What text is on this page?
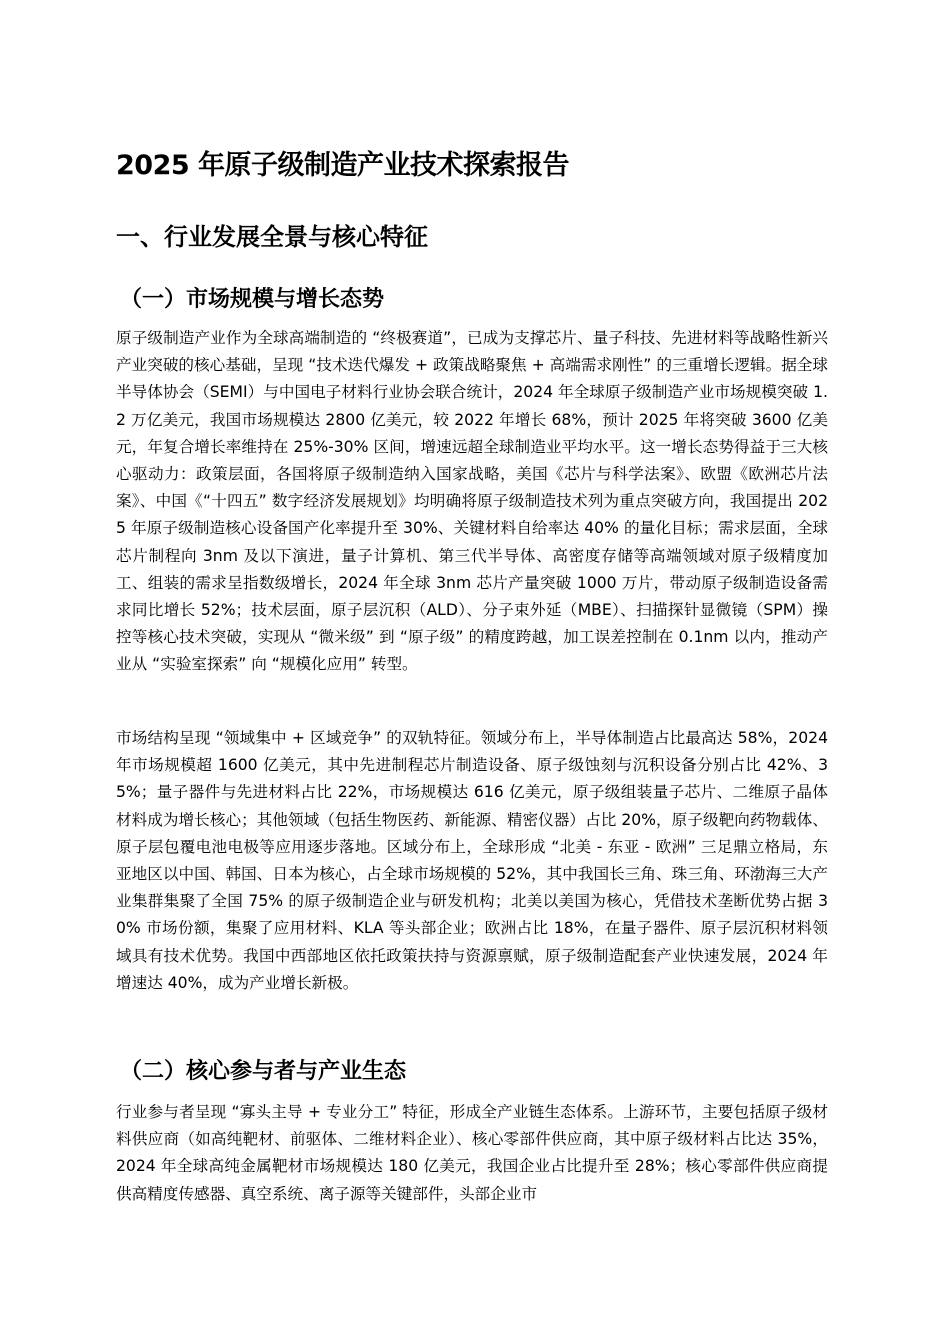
2025 年原子级制造产业技术探索报告
一、行业发展全景与核心特征
（一）市场规模与增长态势

原子级制造产业作为全球高端制造的 “终极赛道”，已成为支撑芯片、量子科技、先进材料等战略性新兴产业突破的核心基础，呈现 “技术迭代爆发 + 政策战略聚焦 + 高端需求刚性” 的三重增长逻辑。据全球半导体协会（SEMI）与中国电子材料行业协会联合统计，2024 年全球原子级制造产业市场规模突破 1.2 万亿美元，我国市场规模达 2800 亿美元，较 2022 年增长 68%，预计 2025 年将突破 3600 亿美元，年复合增长率维持在 25%-30% 区间，增速远超全球制造业平均水平。这一增长态势得益于三大核心驱动力：政策层面，各国将原子级制造纳入国家战略，美国《芯片与科学法案》、欧盟《欧洲芯片法案》、中国《“十四五” 数字经济发展规划》均明确将原子级制造技术列为重点突破方向，我国提出 2025 年原子级制造核心设备国产化率提升至 30%、关键材料自给率达 40% 的量化目标；需求层面，全球芯片制程向 3nm 及以下演进，量子计算机、第三代半导体、高密度存储等高端领域对原子级精度加工、组装的需求呈指数级增长，2024 年全球 3nm 芯片产量突破 1000 万片，带动原子级制造设备需求同比增长 52%；技术层面，原子层沉积（ALD）、分子束外延（MBE）、扫描探针显微镜（SPM）操控等核心技术突破，实现从 “微米级” 到 “原子级” 的精度跨越，加工误差控制在 0.1nm 以内，推动产业从 “实验室探索” 向 “规模化应用” 转型。

市场结构呈现 “领域集中 + 区域竞争” 的双轨特征。领域分布上，半导体制造占比最高达 58%，2024 年市场规模超 1600 亿美元，其中先进制程芯片制造设备、原子级蚀刻与沉积设备分别占比 42%、35%；量子器件与先进材料占比 22%，市场规模达 616 亿美元，原子级组装量子芯片、二维原子晶体材料成为增长核心；其他领域（包括生物医药、新能源、精密仪器）占比 20%，原子级靶向药物载体、原子层包覆电池电极等应用逐步落地。区域分布上，全球形成 “北美 - 东亚 - 欧洲” 三足鼎立格局，东亚地区以中国、韩国、日本为核心，占全球市场规模的 52%，其中我国长三角、珠三角、环渤海三大产业集群集聚了全国 75% 的原子级制造企业与研发机构；北美以美国为核心，凭借技术垄断优势占据 30% 市场份额，集聚了应用材料、KLA 等头部企业；欧洲占比 18%，在量子器件、原子层沉积材料领域具有技术优势。我国中西部地区依托政策扶持与资源禀赋，原子级制造配套产业快速发展，2024 年增速达 40%，成为产业增长新极。

（二）核心参与者与产业生态

行业参与者呈现 “寡头主导 + 专业分工” 特征，形成全产业链生态体系。上游环节，主要包括原子级材料供应商（如高纯靶材、前驱体、二维材料企业）、核心零部件供应商，其中原子级材料占比达 35%，2024 年全球高纯金属靶材市场规模达 180 亿美元，我国企业占比提升至 28%；核心零部件供应商提供高精度传感器、真空系统、离子源等关键部件，头部企业市
